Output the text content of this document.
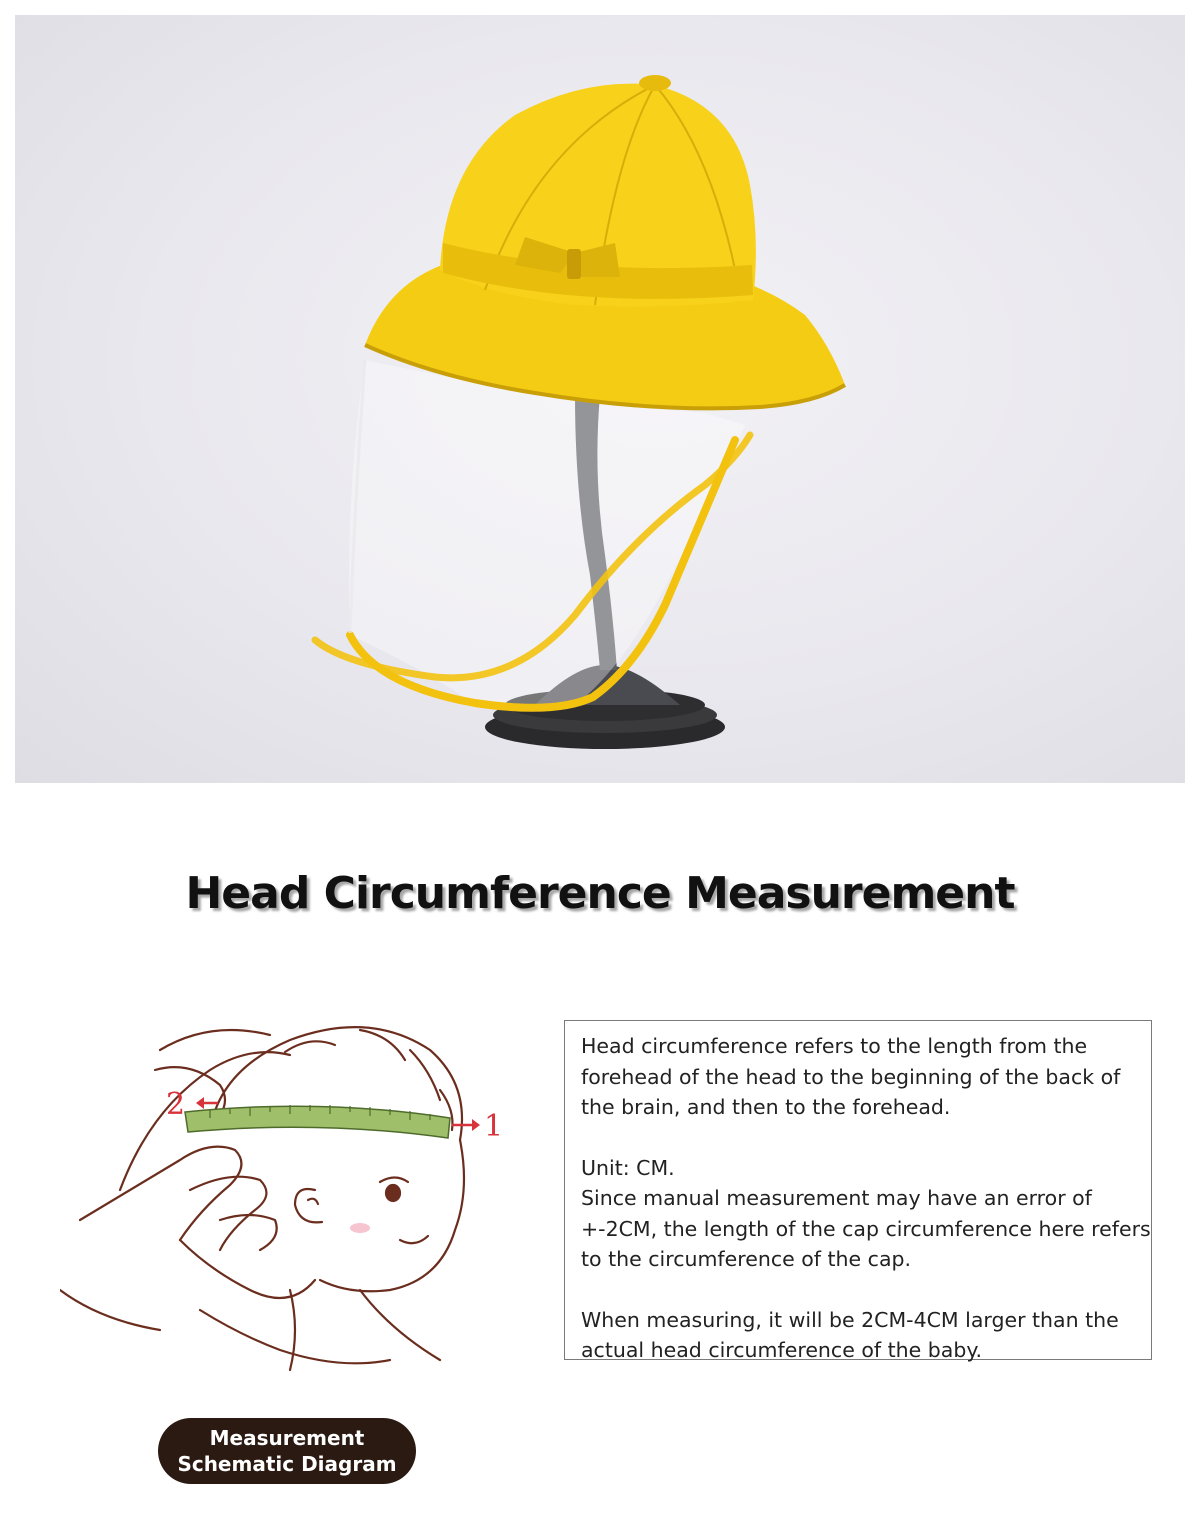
Head Circumference Measurement
1
2

Head circumference refers to the length from the forehead of the head to the beginning of the back of the brain, and then to the forehead.

Unit: CM.

Since manual measurement may have an error of +-2CM, the length of the cap circumference here refers to the circumference of the cap.

When measuring, it will be 2CM-4CM larger than the actual head circumference of the baby.

Measurement
Schematic Diagram
